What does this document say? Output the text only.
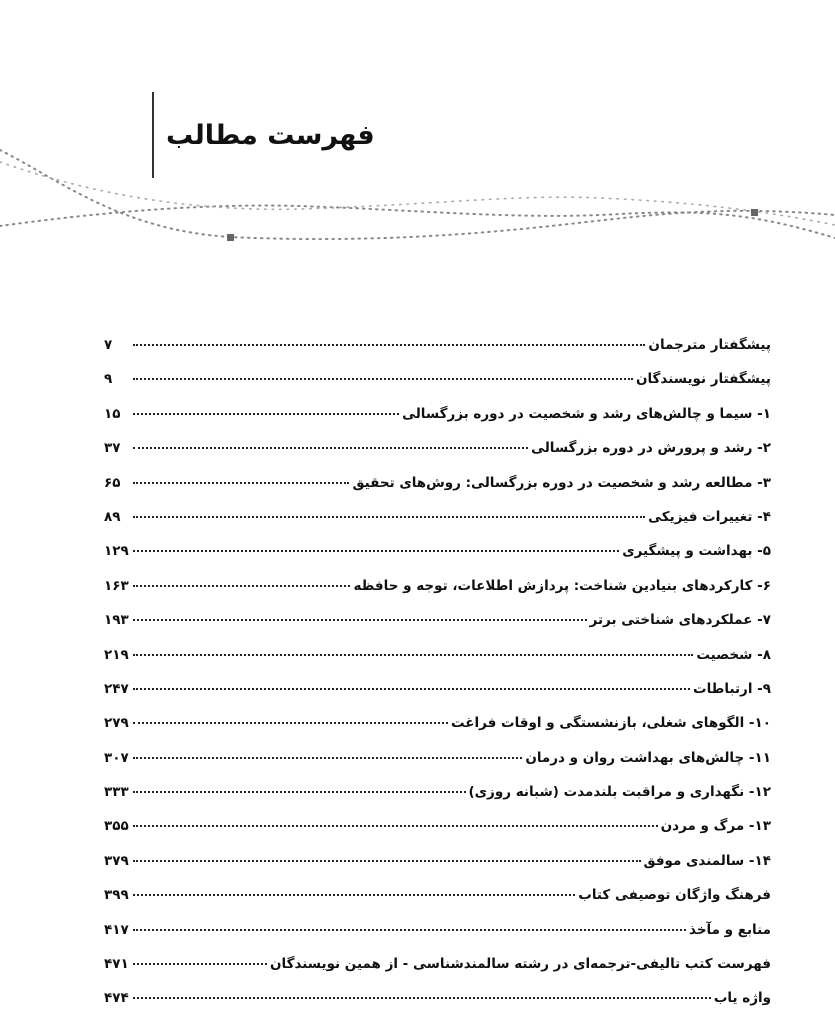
فهرست مطالب
پیشگفتار مترجمان
۷
پیشگفتار نویسندگان
۹
۱- سیما و چالش‌های رشد و شخصیت در دوره بزرگسالی
۱۵
۲- رشد و پرورش در دوره بزرگسالی
۳۷
۳- مطالعه رشد و شخصیت در دوره بزرگسالی: روش‌های تحقیق
۶۵
۴- تغییرات فیزیکی
۸۹
۵- بهداشت و پیشگیری
۱۲۹
۶- کارکردهای بنیادین شناخت: پردازش اطلاعات، توجه و حافظه
۱۶۳
۷- عملکردهای شناختی برتر
۱۹۳
۸- شخصیت
۲۱۹
۹- ارتباطات
۲۴۷
۱۰- الگوهای شغلی، بازنشستگی و اوقات فراغت
۲۷۹
۱۱- چالش‌های بهداشت روان و درمان
۳۰۷
۱۲- نگهداری و مراقبت بلندمدت (شبانه روزی)
۳۳۳
۱۳- مرگ و مردن
۳۵۵
۱۴- سالمندی موفق
۳۷۹
فرهنگ واژگان توصیفی کتاب
۳۹۹
منابع و مآخذ
۴۱۷
فهرست کتب تالیفی-ترجمه‌ای در رشته سالمندشناسی - از همین نویسندگان
۴۷۱
واژه یاب
۴۷۴
